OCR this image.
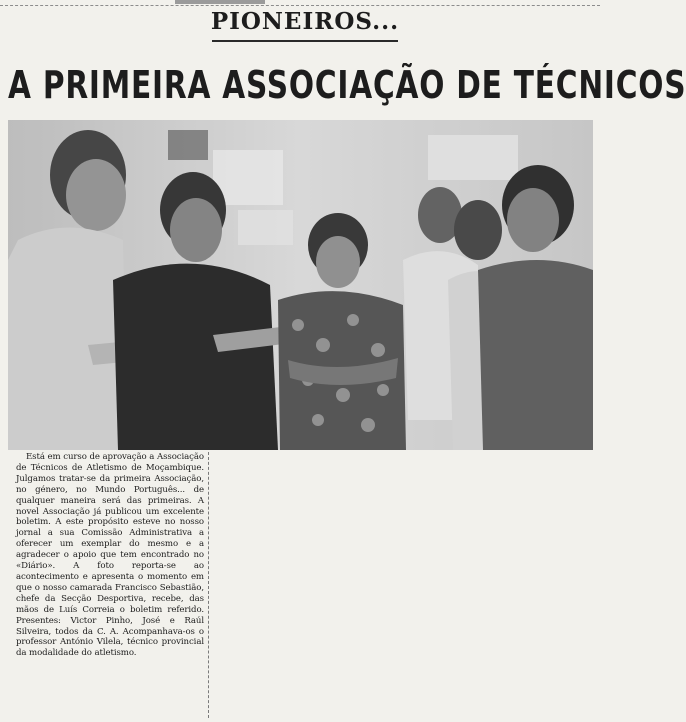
PIONEIROS...
A PRIMEIRA ASSOCIAÇÃO DE TÉCNICOS

Está em curso de aprovação a Associação de Técnicos de Atletismo de Moçambique. Julgamos tratar-se da primeira Associação, no género, no Mundo Português... de qualquer maneira será das primeiras. A novel Associação já publicou um excelente boletim. A este propósito esteve no nosso jornal a sua Comissão Administrativa a oferecer um exemplar do mesmo e a agradecer o apoio que tem encontrado no «Diário». A foto reporta-se ao acontecimento e apresenta o momento em que o nosso camarada Francisco Sebastião, chefe da Secção Desportiva, recebe, das mãos de Luís Correia o boletim referido. Presentes: Victor Pinho, José e Raúl Silveira, todos da C. A. Acompanhava-os o professor António Vilela, técnico provincial da modalidade do atletismo.
